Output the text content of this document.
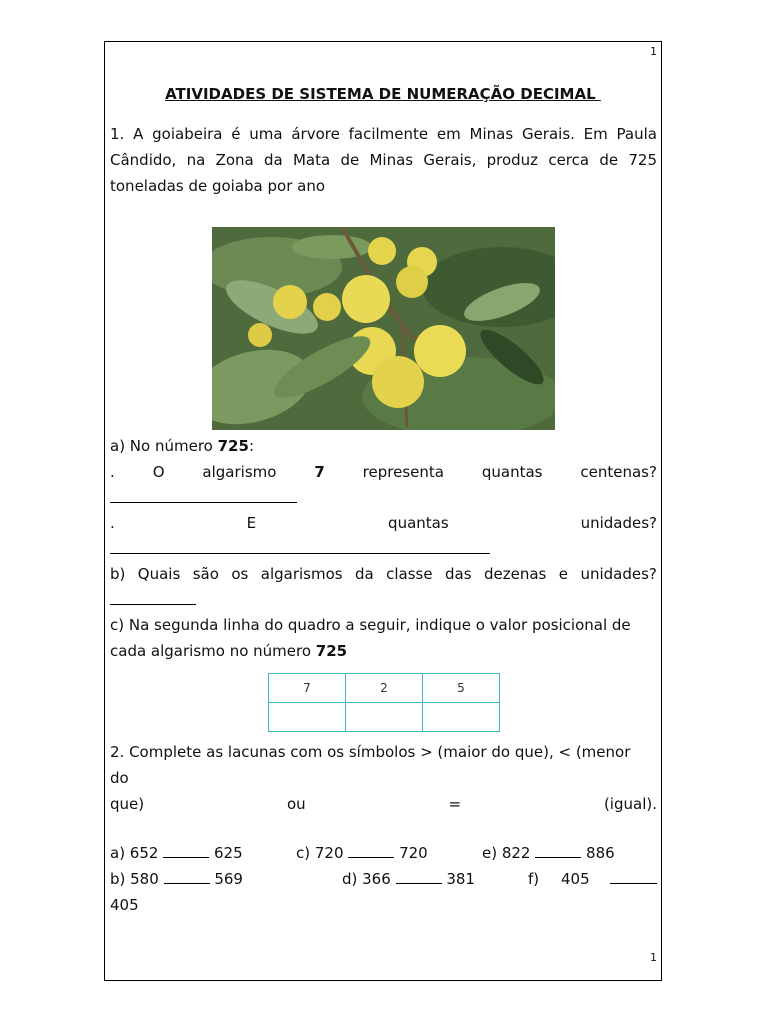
1
ATIVIDADES DE SISTEMA DE NUMERAÇÃO DECIMAL
1. A goiabeira é uma árvore facilmente em Minas Gerais. Em Paula Cândido, na Zona da Mata de Minas Gerais, produz cerca de 725 toneladas de goiaba por ano
a) No número 725:
.	O	algarismo	7	representa	quantas	centenas?
.	E	quantas	unidades?
b) Quais são os algarismos da classe das dezenas e unidades?
c) Na segunda linha do quadro a seguir, indique o valor posicional de
cada algarismo no número 725
7	2	5

2. Complete as lacunas com os símbolos > (maior do que), < (menor
do
que)	ou	=	(igual).
a) 652	625	c) 720	720	e) 822	886
b) 580	569	d) 366	381	f) 405
405
1
